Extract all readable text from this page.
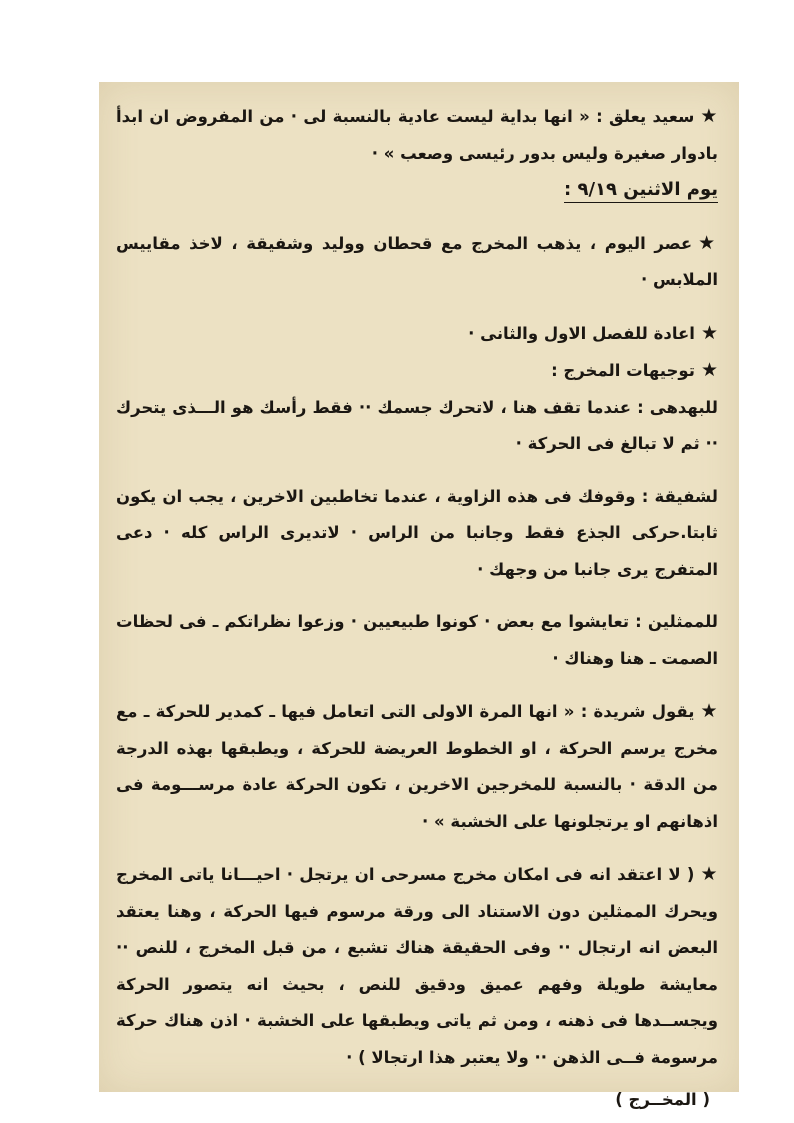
★سعيد يعلق : « انها بداية ليست عادية بالنسبة لى · من المفروض ان ابدأ بادوار صغيرة وليس بدور رئيسى وصعب » ·

يوم الاثنين ٩/١٩ :

★عصر اليوم ، يذهب المخرج مع قحطان ووليد وشفيقة ، لاخذ مقاييس الملابس ·

★اعادة للفصل الاول والثانى ·

★توجيهات المخرج :

للبهدهى : عندما تقف هنا ، لاتحرك جسمك ·· فقط رأسك هو الـــذى يتحرك ·· ثم لا تبالغ فى الحركة ·

لشفيقة : وقوفك فى هذه الزاوية ، عندما تخاطبين الاخرين ، يجب ان يكون ثابتا.حركى الجذع فقط وجانبا من الراس · لاتديرى الراس كله · دعى المتفرج يرى جانبا من وجهك ·

للممثلين : تعايشوا مع بعض · كونوا طبيعيين · وزعوا نظراتكم ـ فى لحظات الصمت ـ هنا وهناك ·

★يقول شريدة : « انها المرة الاولى التى اتعامل فيها ـ كمدير للحركة ـ مع مخرج يرسم الحركة ، او الخطوط العريضة للحركة ، ويطبقها بهذه الدرجة من الدقة · بالنسبة للمخرجين الاخرين ، تكون الحركة عادة مرســـومة فى اذهانهم او يرتجلونها على الخشبة » ·

★( لا اعتقد انه فى امكان مخرج مسرحى ان يرتجل · احيـــانا ياتى المخرج ويحرك الممثلين دون الاستناد الى ورقة مرسوم فيها الحركة ، وهنا يعتقد البعض انه ارتجال ·· وفى الحقيقة هناك تشبع ، من قبل المخرج ، للنص ·· معايشة طويلة وفهم عميق ودقيق للنص ، بحيث انه يتصور الحركة ويجســدها فى ذهنه ، ومن ثم ياتى ويطبقها على الخشبة · اذن هناك حركة مرسومة فــى الذهن ·· ولا يعتبر هذا ارتجالا ) ·

( المخــرج )
